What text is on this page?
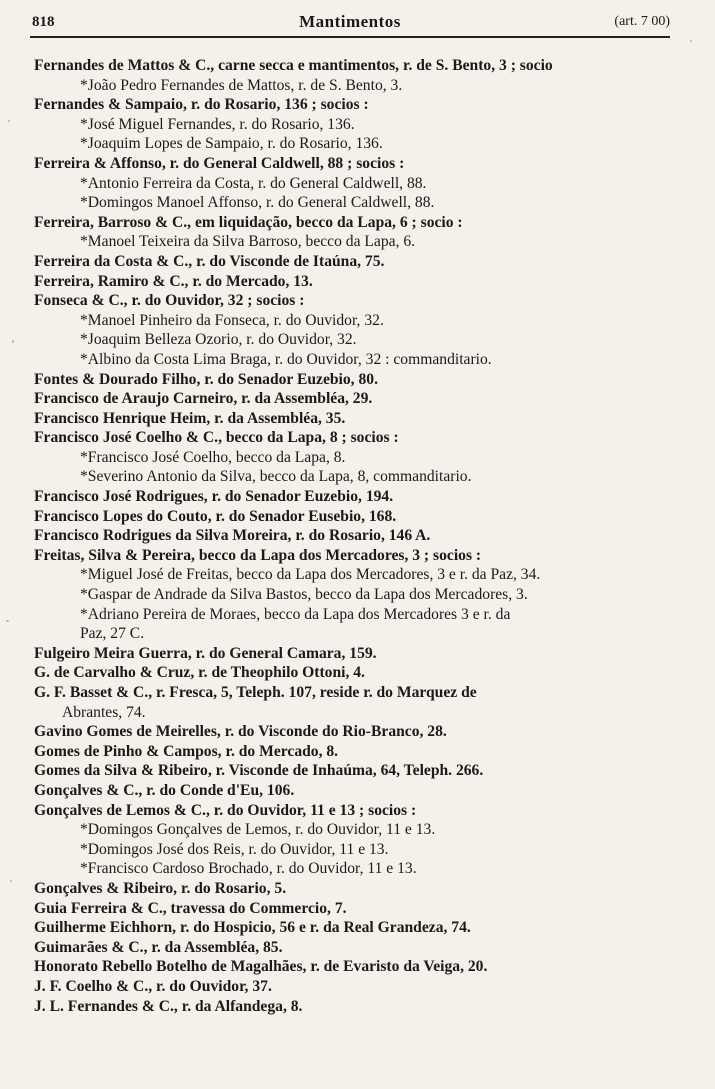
818	Mantimentos	(art. 7 00)
Fernandes de Mattos & C., carne secca e mantimentos, r. de S. Bento, 3 ; socio
*João Pedro Fernandes de Mattos, r. de S. Bento, 3.
Fernandes & Sampaio, r. do Rosario, 136 ; socios :
*José Miguel Fernandes, r. do Rosario, 136.
*Joaquim Lopes de Sampaio, r. do Rosario, 136.
Ferreira & Affonso, r. do General Caldwell, 88 ; socios :
*Antonio Ferreira da Costa, r. do General Caldwell, 88.
*Domingos Manoel Affonso, r. do General Caldwell, 88.
Ferreira, Barroso & C., em liquidação, becco da Lapa, 6 ; socio :
*Manoel Teixeira da Silva Barroso, becco da Lapa, 6.
Ferreira da Costa & C., r. do Visconde de Itaúna, 75.
Ferreira, Ramiro & C., r. do Mercado, 13.
Fonseca & C., r. do Ouvidor, 32 ; socios :
*Manoel Pinheiro da Fonseca, r. do Ouvidor, 32.
*Joaquim Belleza Ozorio, r. do Ouvidor, 32.
*Albino da Costa Lima Braga, r. do Ouvidor, 32 : commanditario.
Fontes & Dourado Filho, r. do Senador Euzebio, 80.
Francisco de Araujo Carneiro, r. da Assembléa, 29.
Francisco Henrique Heim, r. da Assembléa, 35.
Francisco José Coelho & C., becco da Lapa, 8 ; socios :
*Francisco José Coelho, becco da Lapa, 8.
*Severino Antonio da Silva, becco da Lapa, 8, commanditario.
Francisco José Rodrigues, r. do Senador Euzebio, 194.
Francisco Lopes do Couto, r. do Senador Eusebio, 168.
Francisco Rodrigues da Silva Moreira, r. do Rosario, 146 A.
Freitas, Silva & Pereira, becco da Lapa dos Mercadores, 3 ; socios :
*Miguel José de Freitas, becco da Lapa dos Mercadores, 3 e r. da Paz, 34.
*Gaspar de Andrade da Silva Bastos, becco da Lapa dos Mercadores, 3.
*Adriano Pereira de Moraes, becco da Lapa dos Mercadores 3 e r. da
Paz, 27 C.
Fulgeiro Meira Guerra, r. do General Camara, 159.
G. de Carvalho & Cruz, r. de Theophilo Ottoni, 4.
G. F. Basset & C., r. Fresca, 5, Teleph. 107, reside r. do Marquez de
Abrantes, 74.
Gavino Gomes de Meirelles, r. do Visconde do Rio-Branco, 28.
Gomes de Pinho & Campos, r. do Mercado, 8.
Gomes da Silva & Ribeiro, r. Visconde de Inhaúma, 64, Teleph. 266.
Gonçalves & C., r. do Conde d'Eu, 106.
Gonçalves de Lemos & C., r. do Ouvidor, 11 e 13 ; socios :
*Domingos Gonçalves de Lemos, r. do Ouvidor, 11 e 13.
*Domingos José dos Reis, r. do Ouvidor, 11 e 13.
*Francisco Cardoso Brochado, r. do Ouvidor, 11 e 13.
Gonçalves & Ribeiro, r. do Rosario, 5.
Guia Ferreira & C., travessa do Commercio, 7.
Guilherme Eichhorn, r. do Hospicio, 56 e r. da Real Grandeza, 74.
Guimarães & C., r. da Assembléa, 85.
Honorato Rebello Botelho de Magalhães, r. de Evaristo da Veiga, 20.
J. F. Coelho & C., r. do Ouvidor, 37.
J. L. Fernandes & C., r. da Alfandega, 8.
